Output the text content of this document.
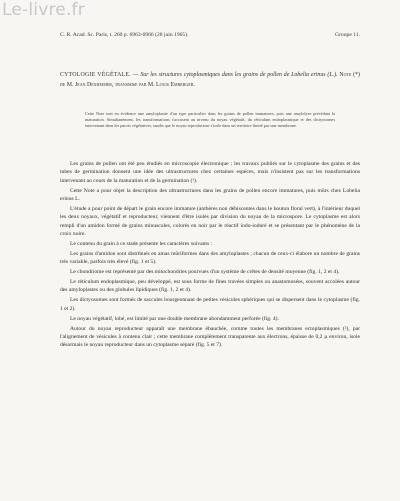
Le-livre.fr
C. R. Acad. Sc. Paris, t. 260 p. 6963-6966 (28 juin 1965).	Groupe 11.
CYTOLOGIE VÉGÉTALE. — Sur les structures cytoplasmiques dans les grains de pollen de Lobelia erinus (L.). Note (*) de M. Jean Dexheimer, transmise par M. Louis Emberger.
Cette Note met en évidence une amyloplastie d'un type particulier dans les grains de pollen immatures, puis une amylolyse précédant la maturation. Simultanément, les transformations s'accusent au niveau du noyau végétatif, du réticulum endoplasmique et des dictyosomes intervenant dans les parois végétatives, tandis que le noyau reproducteur s'isole dans un territoire limité par une membrane.

Les grains de pollen ont été peu étudiés en microscopie électronique ; les travaux publiés sur le cytoplasme des grains et des tubes de germination donnent une idée des ultrastructures chez certaines espèces, mais n'insistent pas sur les transformations intervenant au cours de la maturation et de la germination (¹).

Cette Note a pour objet la description des ultrastructures dans les grains de pollen encore immatures, puis mûrs chez Lobelia erinus L.

L'étude a pour point de départ le grain encore immature (anthères non déhiscentes dans le bouton floral vert), à l'intérieur duquel les deux noyaux, végétatif et reproducteur, viennent d'être isolés par division du noyau de la microspore. Le cytoplasme est alors rempli d'un amidon formé de grains minuscules, colorés en noir par le réactif iodo-ioduré et se présentant par le phénomène de la croix noire.

Le contenu du grain à ce stade présente les caractères suivants :

Les grains d'amidon sont distribués en amas mûriformes dans des amyloplastes ; chacun de ceux-ci élabore un nombre de grains très variable, parfois très élevé (fig. 1 et 5).

Le chondriome est représenté par des mitochondries pourvues d'un système de crêtes de densité moyenne (fig. 1, 2 et 4).

Le réticulum endoplasmique, peu développé, est sous forme de fines travées simples ou anastomosées, souvent accolées autour des amyloplastes ou des globules lipidiques (fig. 1, 2 et 4).

Les dictyosomes sont formés de saccules bourgeonnant de petites vésicules sphériques qui se dispersent dans le cytoplasme (fig. 1 et 2).

Le noyau végétatif, lobé, est limité par une double membrane abondamment perforée (fig. 4).

Autour du noyau reproducteur apparaît une membrane ébauchée, comme toutes les membranes ectoplasmiques (²), par l'alignement de vésicules à contenu clair ; cette membrane complètement transparente aux électrons, épaisse de 0,2 µ environ, isole désormais le noyau reproducteur dans un cytoplasme séparé (fig. 5 et 7).
